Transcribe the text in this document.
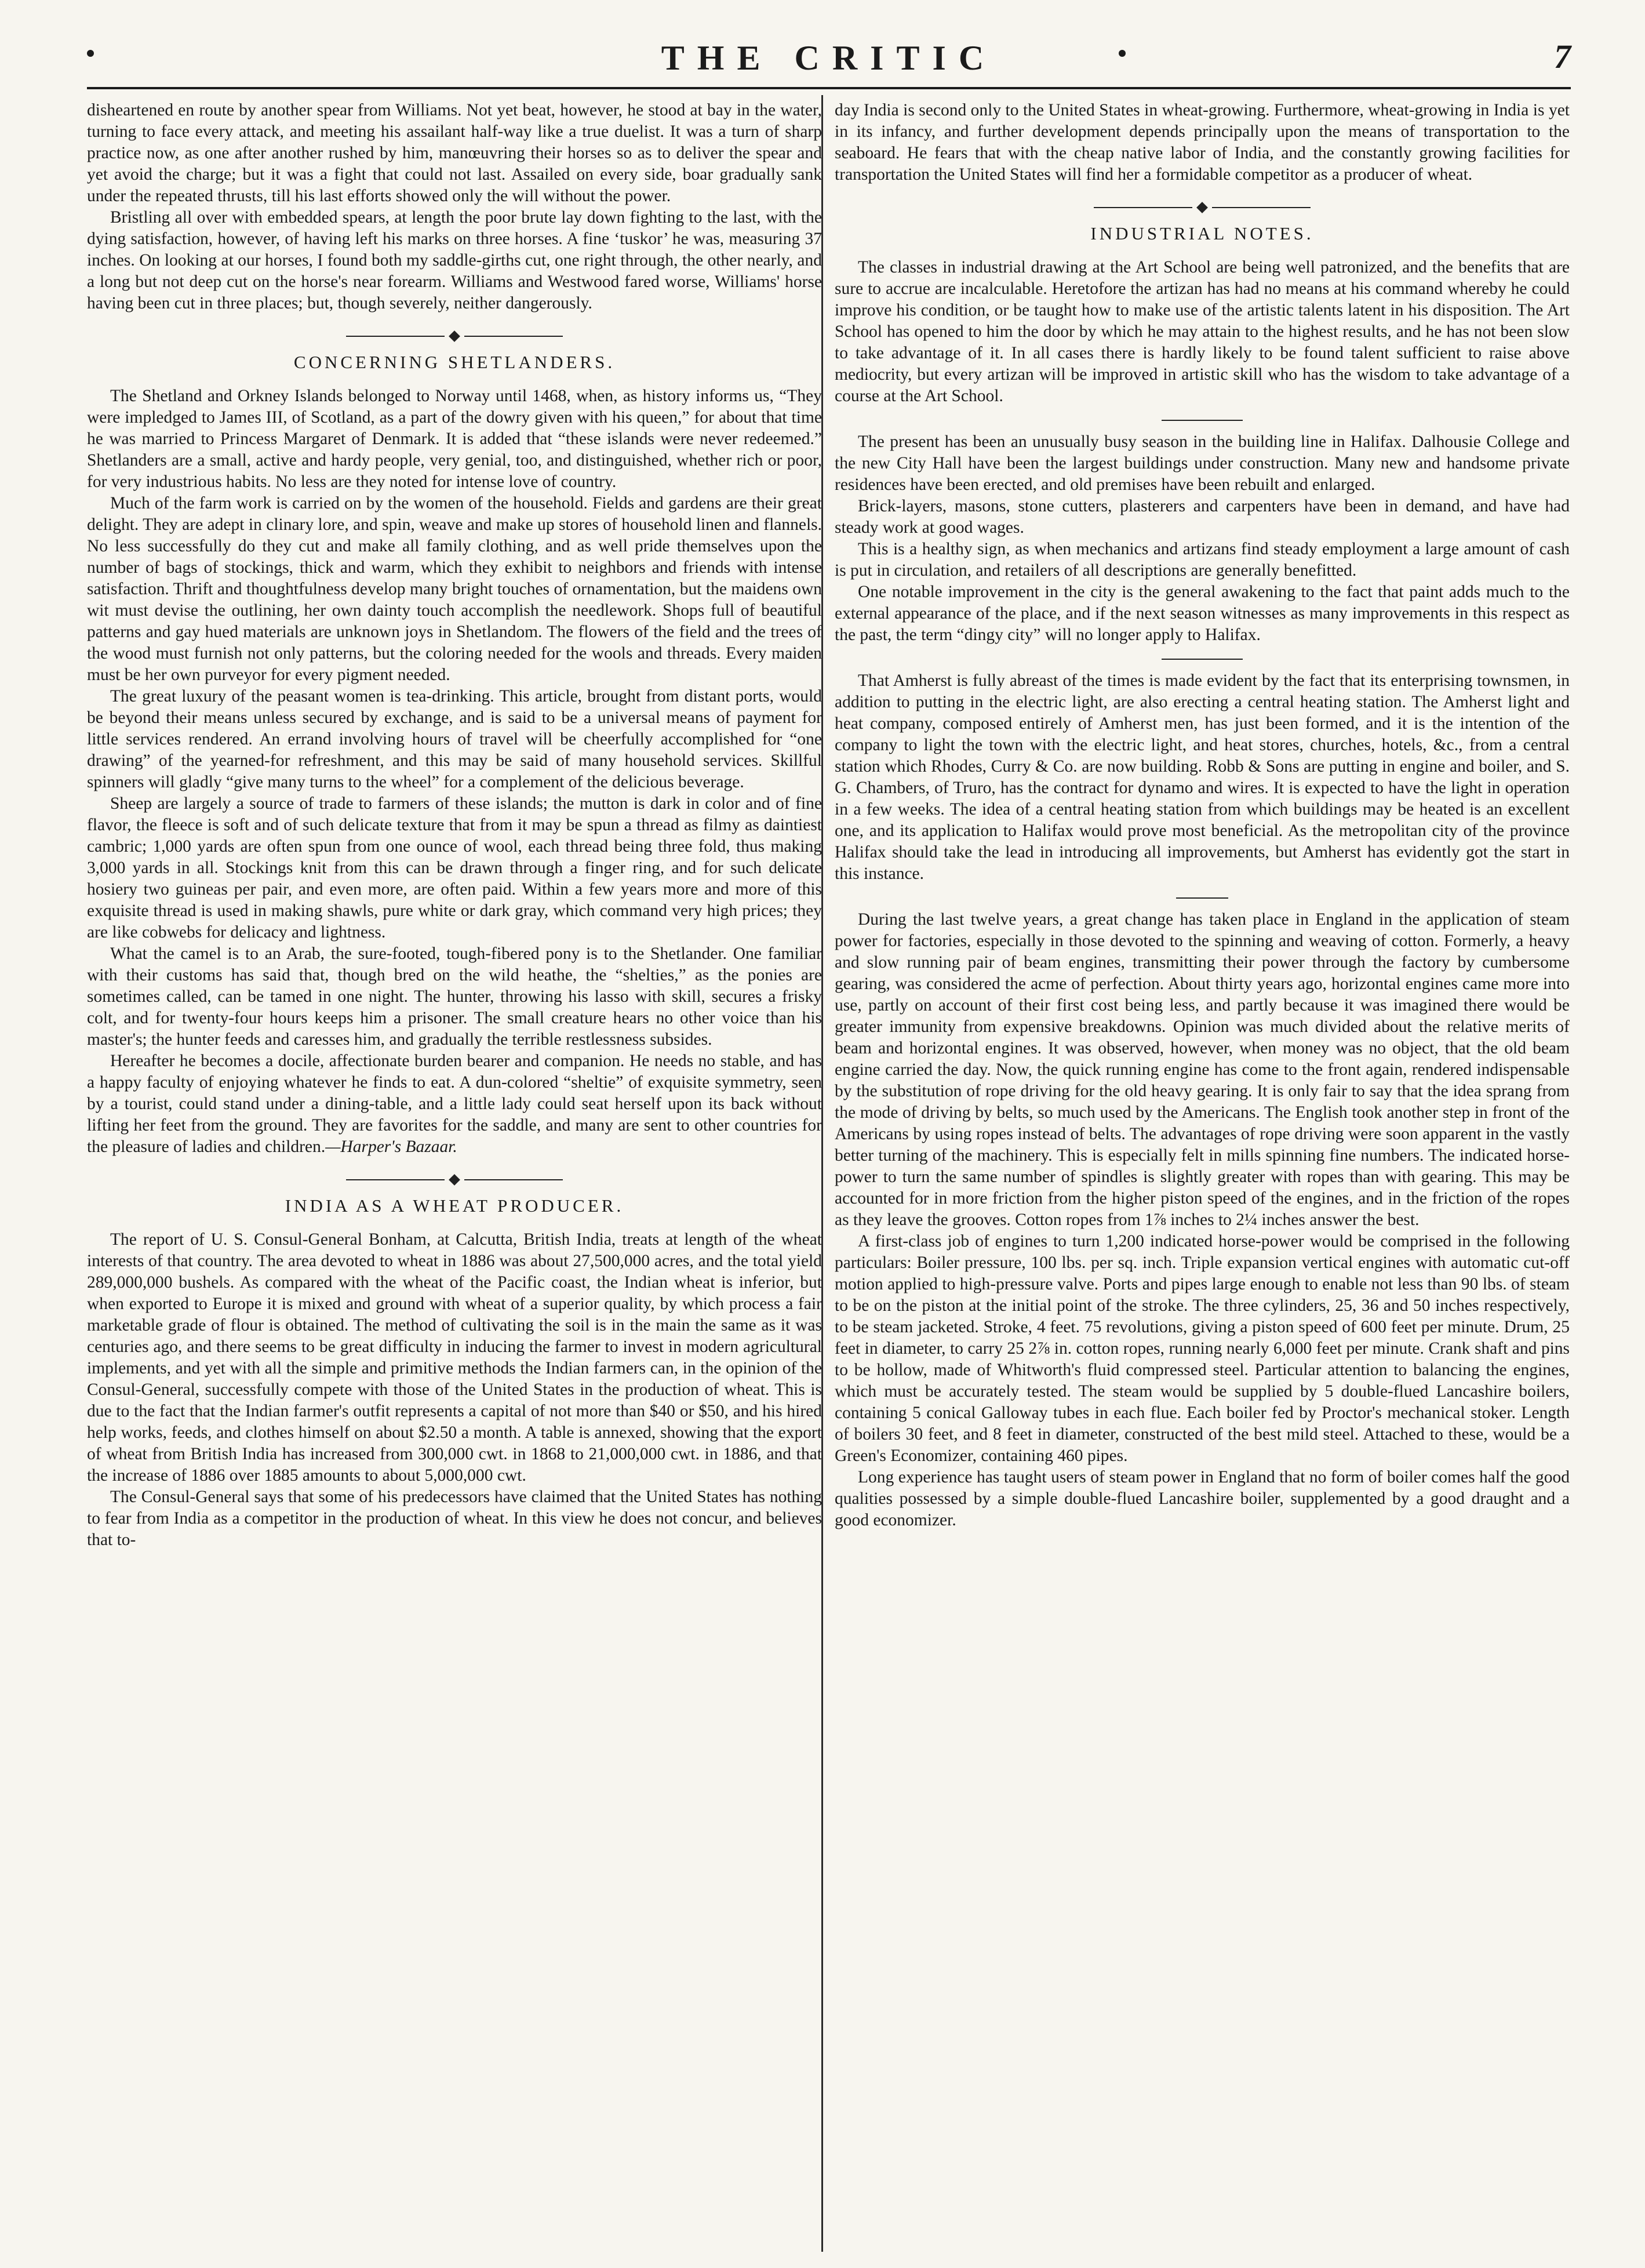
THE CRITIC	7

disheartened en route by another spear from Williams. Not yet beat, however, he stood at bay in the water, turning to face every attack, and meeting his assailant half-way like a true duelist. It was a turn of sharp practice now, as one after another rushed by him, manœuvring their horses so as to deliver the spear and yet avoid the charge; but it was a fight that could not last. Assailed on every side, boar gradually sank under the repeated thrusts, till his last efforts showed only the will without the power.

Bristling all over with embedded spears, at length the poor brute lay down fighting to the last, with the dying satisfaction, however, of having left his marks on three horses. A fine ‘tuskor’ he was, measuring 37 inches. On looking at our horses, I found both my saddle-girths cut, one right through, the other nearly, and a long but not deep cut on the horse's near forearm. Williams and Westwood fared worse, Williams' horse having been cut in three places; but, though severely, neither dangerously.

CONCERNING SHETLANDERS.

The Shetland and Orkney Islands belonged to Norway until 1468, when, as history informs us, “They were impledged to James III, of Scotland, as a part of the dowry given with his queen,” for about that time he was married to Princess Margaret of Denmark. It is added that “these islands were never redeemed.” Shetlanders are a small, active and hardy people, very genial, too, and distinguished, whether rich or poor, for very industrious habits. No less are they noted for intense love of country.

Much of the farm work is carried on by the women of the household. Fields and gardens are their great delight. They are adept in clinary lore, and spin, weave and make up stores of household linen and flannels. No less successfully do they cut and make all family clothing, and as well pride themselves upon the number of bags of stockings, thick and warm, which they exhibit to neighbors and friends with intense satisfaction. Thrift and thoughtfulness develop many bright touches of ornamentation, but the maidens own wit must devise the outlining, her own dainty touch accomplish the needlework. Shops full of beautiful patterns and gay hued materials are unknown joys in Shetlandom. The flowers of the field and the trees of the wood must furnish not only patterns, but the coloring needed for the wools and threads. Every maiden must be her own purveyor for every pigment needed.

The great luxury of the peasant women is tea-drinking. This article, brought from distant ports, would be beyond their means unless secured by exchange, and is said to be a universal means of payment for little services rendered. An errand involving hours of travel will be cheerfully accomplished for “one drawing” of the yearned-for refreshment, and this may be said of many household services. Skillful spinners will gladly “give many turns to the wheel” for a complement of the delicious beverage.

Sheep are largely a source of trade to farmers of these islands; the mutton is dark in color and of fine flavor, the fleece is soft and of such delicate texture that from it may be spun a thread as filmy as daintiest cambric; 1,000 yards are often spun from one ounce of wool, each thread being three fold, thus making 3,000 yards in all. Stockings knit from this can be drawn through a finger ring, and for such delicate hosiery two guineas per pair, and even more, are often paid. Within a few years more and more of this exquisite thread is used in making shawls, pure white or dark gray, which command very high prices; they are like cobwebs for delicacy and lightness.

What the camel is to an Arab, the sure-footed, tough-fibered pony is to the Shetlander. One familiar with their customs has said that, though bred on the wild heathe, the “shelties,” as the ponies are sometimes called, can be tamed in one night. The hunter, throwing his lasso with skill, secures a frisky colt, and for twenty-four hours keeps him a prisoner. The small creature hears no other voice than his master's; the hunter feeds and caresses him, and gradually the terrible restlessness subsides.

Hereafter he becomes a docile, affectionate burden bearer and companion. He needs no stable, and has a happy faculty of enjoying whatever he finds to eat. A dun-colored “sheltie” of exquisite symmetry, seen by a tourist, could stand under a dining-table, and a little lady could seat herself upon its back without lifting her feet from the ground. They are favorites for the saddle, and many are sent to other countries for the pleasure of ladies and children.—Harper's Bazaar.

INDIA AS A WHEAT PRODUCER.

The report of U. S. Consul-General Bonham, at Calcutta, British India, treats at length of the wheat interests of that country. The area devoted to wheat in 1886 was about 27,500,000 acres, and the total yield 289,000,000 bushels. As compared with the wheat of the Pacific coast, the Indian wheat is inferior, but when exported to Europe it is mixed and ground with wheat of a superior quality, by which process a fair marketable grade of flour is obtained. The method of cultivating the soil is in the main the same as it was centuries ago, and there seems to be great difficulty in inducing the farmer to invest in modern agricultural implements, and yet with all the simple and primitive methods the Indian farmers can, in the opinion of the Consul-General, successfully compete with those of the United States in the production of wheat. This is due to the fact that the Indian farmer's outfit represents a capital of not more than $40 or $50, and his hired help works, feeds, and clothes himself on about $2.50 a month. A table is annexed, showing that the export of wheat from British India has increased from 300,000 cwt. in 1868 to 21,000,000 cwt. in 1886, and that the increase of 1886 over 1885 amounts to about 5,000,000 cwt.

The Consul-General says that some of his predecessors have claimed that the United States has nothing to fear from India as a competitor in the production of wheat. In this view he does not concur, and believes that to-

day India is second only to the United States in wheat-growing. Furthermore, wheat-growing in India is yet in its infancy, and further development depends principally upon the means of transportation to the seaboard. He fears that with the cheap native labor of India, and the constantly growing facilities for transportation the United States will find her a formidable competitor as a producer of wheat.

INDUSTRIAL NOTES.

The classes in industrial drawing at the Art School are being well patronized, and the benefits that are sure to accrue are incalculable. Heretofore the artizan has had no means at his command whereby he could improve his condition, or be taught how to make use of the artistic talents latent in his disposition. The Art School has opened to him the door by which he may attain to the highest results, and he has not been slow to take advantage of it. In all cases there is hardly likely to be found talent sufficient to raise above mediocrity, but every artizan will be improved in artistic skill who has the wisdom to take advantage of a course at the Art School.

The present has been an unusually busy season in the building line in Halifax. Dalhousie College and the new City Hall have been the largest buildings under construction. Many new and handsome private residences have been erected, and old premises have been rebuilt and enlarged.

Brick-layers, masons, stone cutters, plasterers and carpenters have been in demand, and have had steady work at good wages.

This is a healthy sign, as when mechanics and artizans find steady employment a large amount of cash is put in circulation, and retailers of all descriptions are generally benefitted.

One notable improvement in the city is the general awakening to the fact that paint adds much to the external appearance of the place, and if the next season witnesses as many improvements in this respect as the past, the term “dingy city” will no longer apply to Halifax.

That Amherst is fully abreast of the times is made evident by the fact that its enterprising townsmen, in addition to putting in the electric light, are also erecting a central heating station. The Amherst light and heat company, composed entirely of Amherst men, has just been formed, and it is the intention of the company to light the town with the electric light, and heat stores, churches, hotels, &c., from a central station which Rhodes, Curry & Co. are now building. Robb & Sons are putting in engine and boiler, and S. G. Chambers, of Truro, has the contract for dynamo and wires. It is expected to have the light in operation in a few weeks. The idea of a central heating station from which buildings may be heated is an excellent one, and its application to Halifax would prove most beneficial. As the metropolitan city of the province Halifax should take the lead in introducing all improvements, but Amherst has evidently got the start in this instance.

During the last twelve years, a great change has taken place in England in the application of steam power for factories, especially in those devoted to the spinning and weaving of cotton. Formerly, a heavy and slow running pair of beam engines, transmitting their power through the factory by cumbersome gearing, was considered the acme of perfection. About thirty years ago, horizontal engines came more into use, partly on account of their first cost being less, and partly because it was imagined there would be greater immunity from expensive breakdowns. Opinion was much divided about the relative merits of beam and horizontal engines. It was observed, however, when money was no object, that the old beam engine carried the day. Now, the quick running engine has come to the front again, rendered indispensable by the substitution of rope driving for the old heavy gearing. It is only fair to say that the idea sprang from the mode of driving by belts, so much used by the Americans. The English took another step in front of the Americans by using ropes instead of belts. The advantages of rope driving were soon apparent in the vastly better turning of the machinery. This is especially felt in mills spinning fine numbers. The indicated horse-power to turn the same number of spindles is slightly greater with ropes than with gearing. This may be accounted for in more friction from the higher piston speed of the engines, and in the friction of the ropes as they leave the grooves. Cotton ropes from 1⅞ inches to 2¼ inches answer the best.

A first-class job of engines to turn 1,200 indicated horse-power would be comprised in the following particulars: Boiler pressure, 100 lbs. per sq. inch. Triple expansion vertical engines with automatic cut-off motion applied to high-pressure valve. Ports and pipes large enough to enable not less than 90 lbs. of steam to be on the piston at the initial point of the stroke. The three cylinders, 25, 36 and 50 inches respectively, to be steam jacketed. Stroke, 4 feet. 75 revolutions, giving a piston speed of 600 feet per minute. Drum, 25 feet in diameter, to carry 25 2⅞ in. cotton ropes, running nearly 6,000 feet per minute. Crank shaft and pins to be hollow, made of Whitworth's fluid compressed steel. Particular attention to balancing the engines, which must be accurately tested. The steam would be supplied by 5 double-flued Lancashire boilers, containing 5 conical Galloway tubes in each flue. Each boiler fed by Proctor's mechanical stoker. Length of boilers 30 feet, and 8 feet in diameter, constructed of the best mild steel. Attached to these, would be a Green's Economizer, containing 460 pipes.

Long experience has taught users of steam power in England that no form of boiler comes half the good qualities possessed by a simple double-flued Lancashire boiler, supplemented by a good draught and a good economizer.
